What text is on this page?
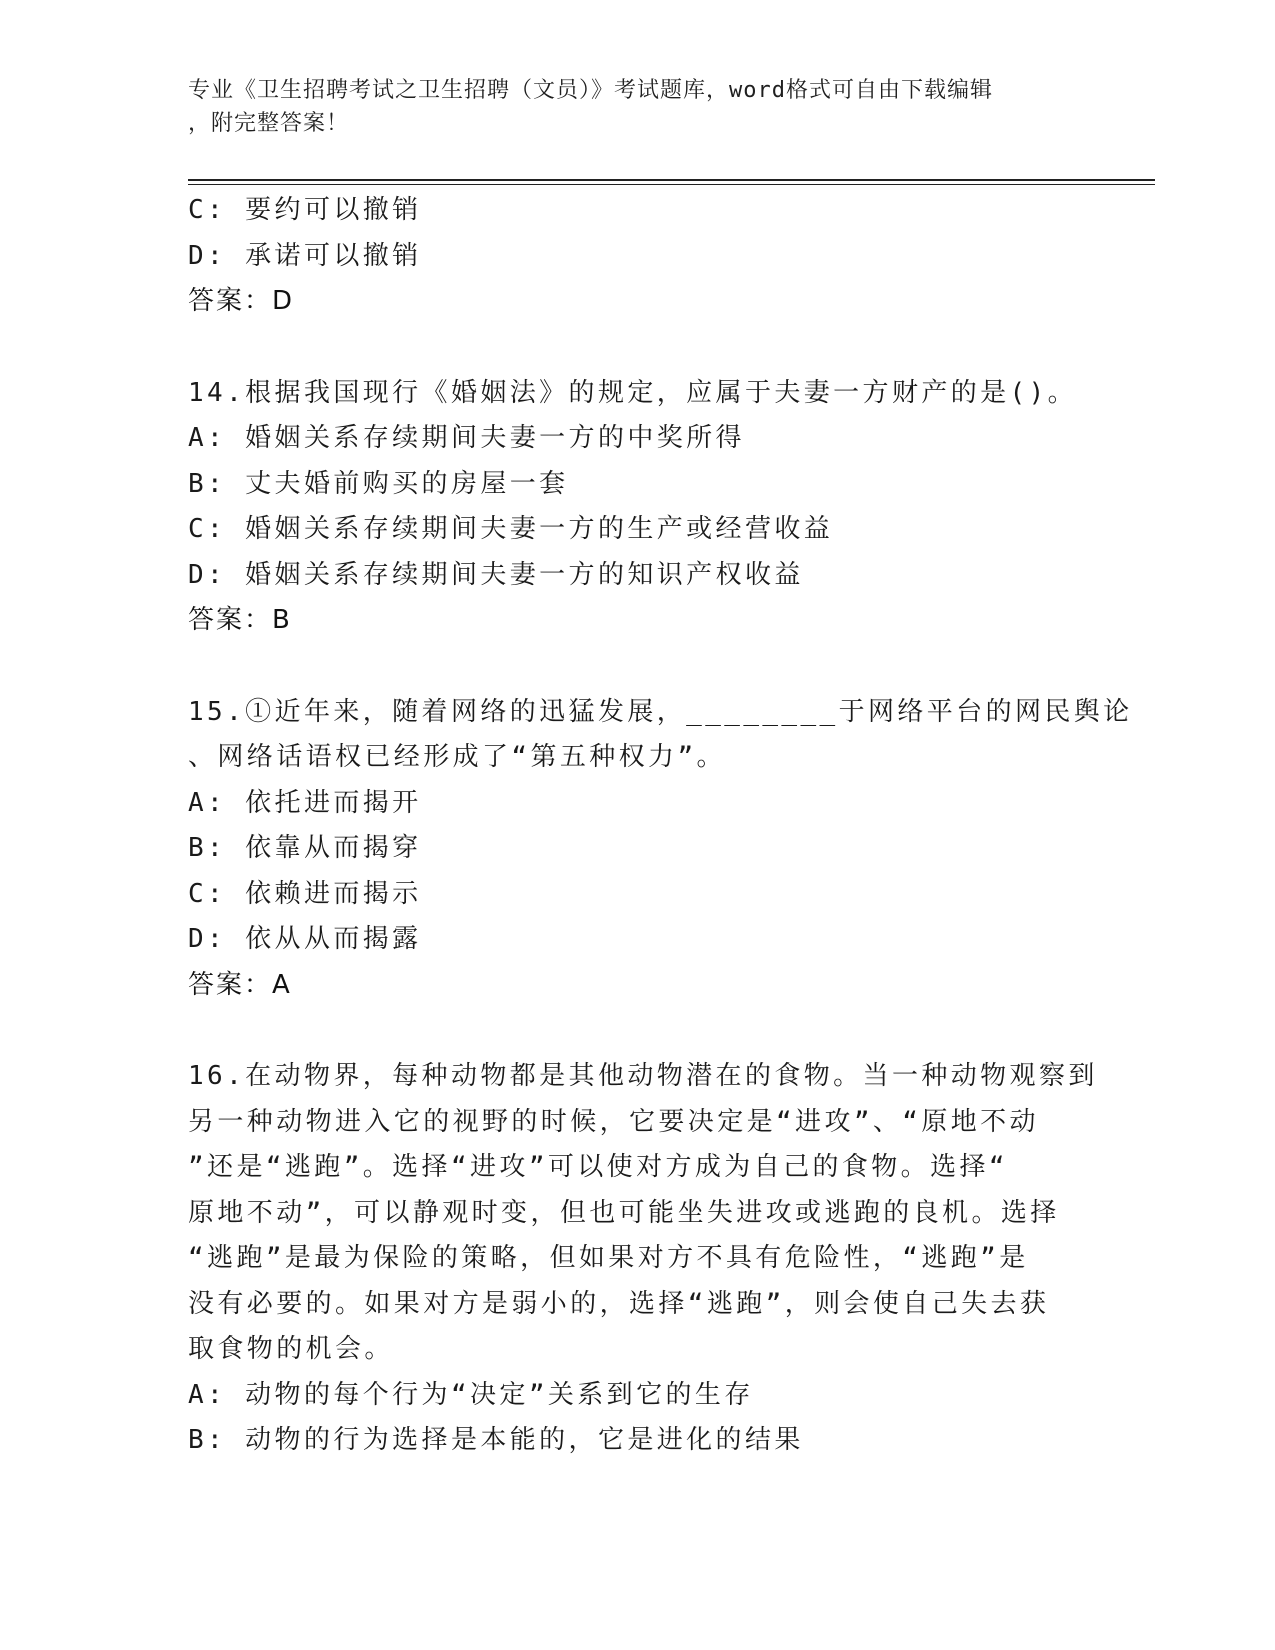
专业《卫生招聘考试之卫生招聘（文员）》考试题库，word格式可自由下载编辑
，附完整答案！
C: 要约可以撤销
D: 承诺可以撤销
答案：D
14.根据我国现行《婚姻法》的规定，应属于夫妻一方财产的是()。
A: 婚姻关系存续期间夫妻一方的中奖所得
B: 丈夫婚前购买的房屋一套
C: 婚姻关系存续期间夫妻一方的生产或经营收益
D: 婚姻关系存续期间夫妻一方的知识产权收益
答案：B
15.①近年来，随着网络的迅猛发展，________于网络平台的网民舆论
、网络话语权已经形成了“第五种权力”。
A: 依托进而揭开
B: 依靠从而揭穿
C: 依赖进而揭示
D: 依从从而揭露
答案：A
16.在动物界，每种动物都是其他动物潜在的食物。当一种动物观察到
另一种动物进入它的视野的时候，它要决定是“进攻”、“原地不动
”还是“逃跑”。选择“进攻”可以使对方成为自己的食物。选择“
原地不动”，可以静观时变，但也可能坐失进攻或逃跑的良机。选择
“逃跑”是最为保险的策略，但如果对方不具有危险性，“逃跑”是
没有必要的。如果对方是弱小的，选择“逃跑”，则会使自己失去获
取食物的机会。
A: 动物的每个行为“决定”关系到它的生存
B: 动物的行为选择是本能的，它是进化的结果
